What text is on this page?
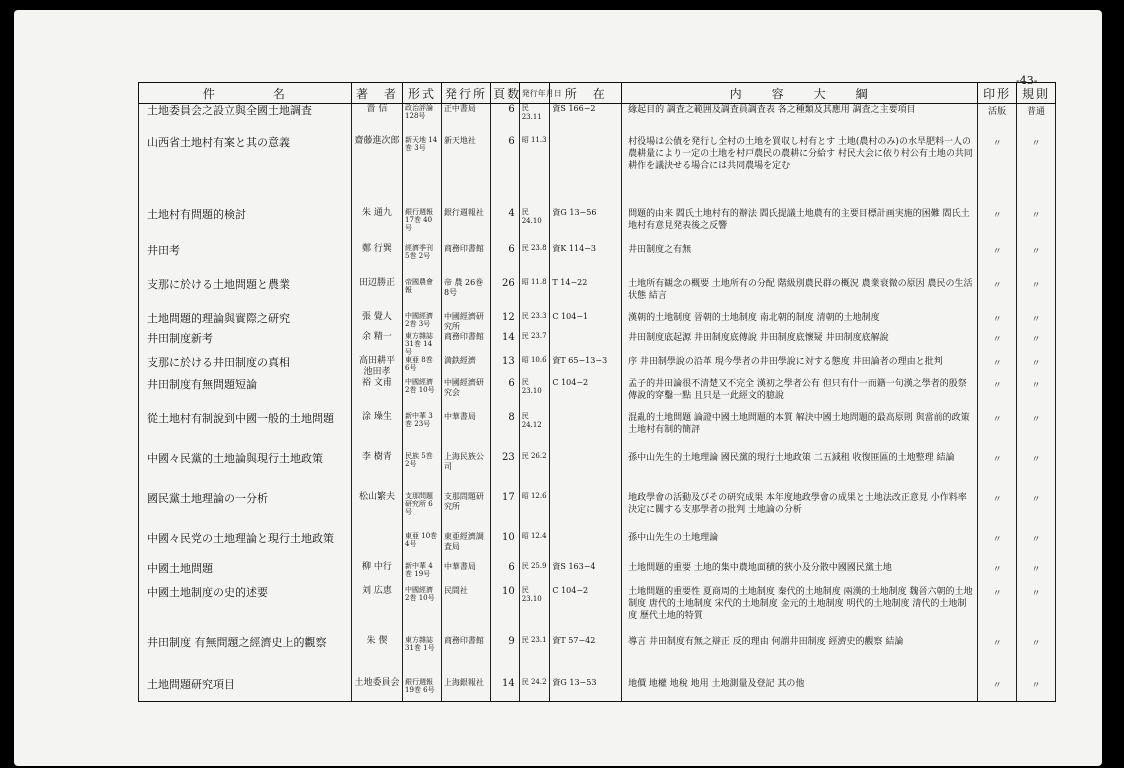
-43-
件　　　　名	著　者	形式	発行所	頁数	発行年月日	所　在	内　　容　　大　　綱	印形	規則
土地委員会之設立與全國土地調査	啬 信	政治評論 128号	正中書局	6	民 23.11	資S 166−2	緣起目的 調査之範囲及調査員調査表 各之種類及其應用 調査之主要項目	活版	普通
山西省土地村有案と其の意義	齋藤進次郎	新天地 14巻 3号	新天地社	6	昭 11.3		村役場は公債を発行し全村の土地を買収し村有とす 土地(農村のみ)の水旱肥料一人の農耕量により一定の土地を村戸農民の農耕に分給す 村民大会に依り村公有土地の共同耕作を議決せる場合には共同農場を定む	〃	〃
土地村有問題的検討	朱 通九	銀行週報 17巻 40号	銀行週報社	4	民 24.10	資G 13−56	問題的由来 閻氏土地村有的辦法 閻氏提議土地農有的主要目標計画実施的困難 閻氏土地村有意見発表後之反響	〃	〃
井田考	鄭 行巽	經濟季刊 5巻 2号	商務印書館	6	民 23.8	資K 114−3	井田制度之有無	〃	〃
支那に於ける土地問題と農業	田辺勝正	帝國農會報	帝 農 26巻 8号	26	昭 11.8	T 14−22	土地所有観念の概要 土地所有の分配 階級別農民群の概況 農業衰微の原因 農民の生活状態 結言	〃	〃
土地問題的理論與實際之研究	張 覺人	中國經濟 2巻 3号	中國經濟研究所	12	民 23.3	C 104−1	漢朝的土地制度 晉朝的土地制度 南北朝的制度 清朝的土地制度	〃	〃
井田制度新考	余 精一	東方雜誌 31巻 14号	商務印書館	14	民 23.7		井田制度底起源 井田制度底傳說 井田制度底懷疑 井田制度底解說	〃	〃
支那に於ける井田制度の真相	高田耕平 池田孝	東亜 8巻 6号	満鉄經濟	13	昭 10.6	資T 65−13−3	序 井田制學說の沿革 現今學者の井田學說に対する態度 井田論者の理由と批判	〃	〃
井田制度有無問題短論	裕 文甫	中國經濟 2巻 10号	中國經濟研究会	6	民 23.10	C 104−2	孟子的井田論很不清楚又不完全 漢初之學者公有 但只有什一而籍一句漢之學者的殷祭傳說的穿鑿一點 且只是一此經文的臆說	〃	〃
從土地村有制說到中國一般的土地問題	涂 璪生	新中華 3巻 23号	中華書局	8	民 24.12		混亂的土地問題 論證中國土地問題的本質 解決中國土地問題的最高原則 與當前的政策 土地村有制的簡評	〃	〃
中國々民黨的土地論與現行土地政策	李 樹青	民族 5巻 2号	上海民族公司	23	民 26.2		孫中山先生的土地理論 國民黨的現行土地政策 二五減租 收復匪區的土地整理 結論	〃	〃
國民黨土地理論の一分析	松山繁夫	支那問題研究所 6号	支那問題研究所	17	昭 12.6		地政學會の活動及びその研究成果 本年度地政學會の成果と土地法改正意見 小作料率決定に關する支那學者の批判 土地論の分析	〃	〃
中國々民党の土地理論と現行土地政策		東亜 10巻 4号	東亜經濟調査局	10	昭 12.4		孫中山先生の土地理論	〃	〃
中國土地問題	柳 中行	新中華 4巻 19号	中華書局	6	民 25.9	資S 163−4	土地問題的重要 土地的集中農地面積的狹小及分散中國國民黨土地	〃	〃
中國土地制度の史的述要	刘 広恵	中國經濟 2巻 10号	民間社	10	民 23.10	C 104−2	土地問題的重要性 夏商周的土地制度 秦代的土地制度 兩漢的土地制度 魏晉六朝的土地制度 唐代的土地制度 宋代的土地制度 金元的土地制度 明代的土地制度 清代的土地制度 歷代土地的特質	〃	〃
井田制度 有無問題之經濟史上的觀察	朱 偰	東方雜誌 31巻 1号	商務印書館	9	民 23.1	資T 57−42	導言 井田制度有無之辯正 反的理由 何謂井田制度 經濟史的觀察 結論	〃	〃
土地問題研究項目	土地委員会	銀行週報 19巻 6号	上海銀報社	14	民 24.2	資G 13−53	地價 地權 地稅 地用 土地測量及登記 其の他	〃	〃
